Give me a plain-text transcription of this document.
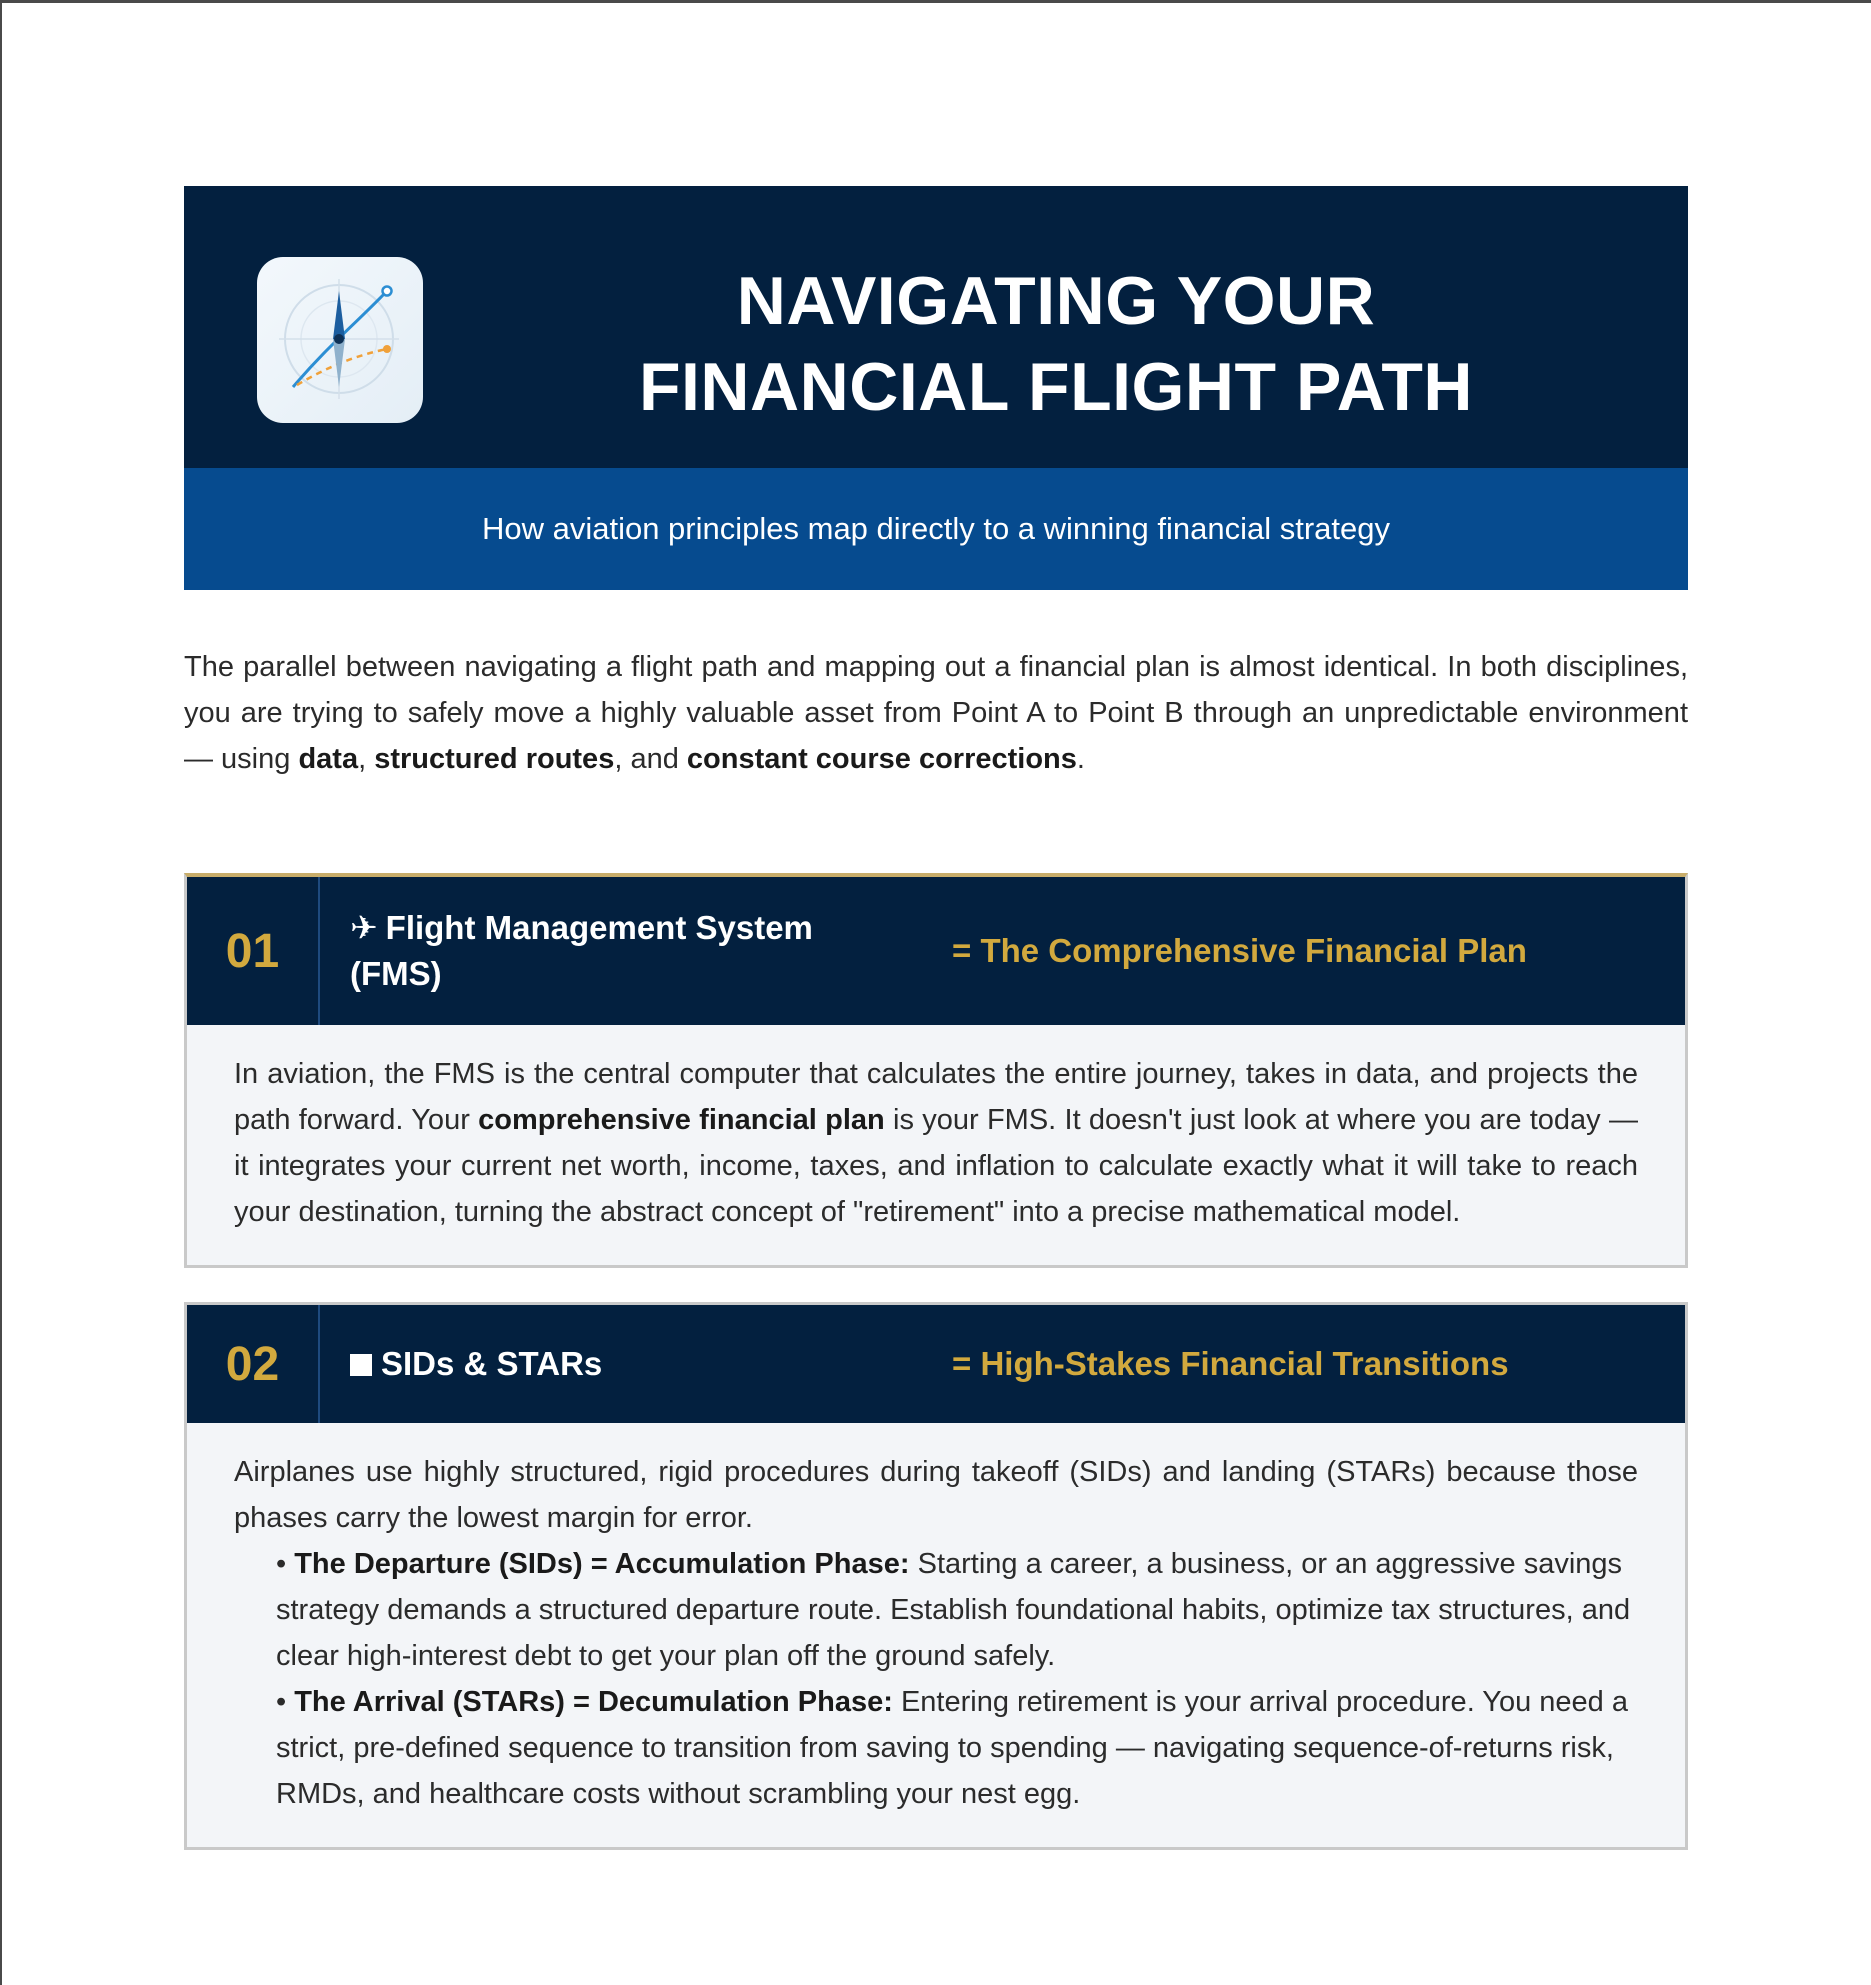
NAVIGATING YOUR
FINANCIAL FLIGHT PATH
How aviation principles map directly to a winning financial strategy

The parallel between navigating a flight path and mapping out a financial plan is almost identical. In both disciplines, you are trying to safely move a highly valuable asset from Point A to Point B through an unpredictable environment — using data, structured routes, and constant course corrections.

01	✈ Flight Management System (FMS)
= The Comprehensive Financial Plan
In aviation, the FMS is the central computer that calculates the entire journey, takes in data, and projects the path forward. Your comprehensive financial plan is your FMS. It doesn't just look at where you are today — it integrates your current net worth, income, taxes, and inflation to calculate exactly what it will take to reach your destination, turning the abstract concept of "retirement" into a precise mathematical model.
02	SIDs & STARs	= High-Stakes Financial Transitions
Airplanes use highly structured, rigid procedures during takeoff (SIDs) and landing (STARs) because those phases carry the lowest margin for error.
• The Departure (SIDs) = Accumulation Phase: Starting a career, a business, or an aggressive savings strategy demands a structured departure route. Establish foundational habits, optimize tax structures, and clear high-interest debt to get your plan off the ground safely.
• The Arrival (STARs) = Decumulation Phase: Entering retirement is your arrival procedure. You need a strict, pre-defined sequence to transition from saving to spending — navigating sequence-of-returns risk, RMDs, and healthcare costs without scrambling your nest egg.
